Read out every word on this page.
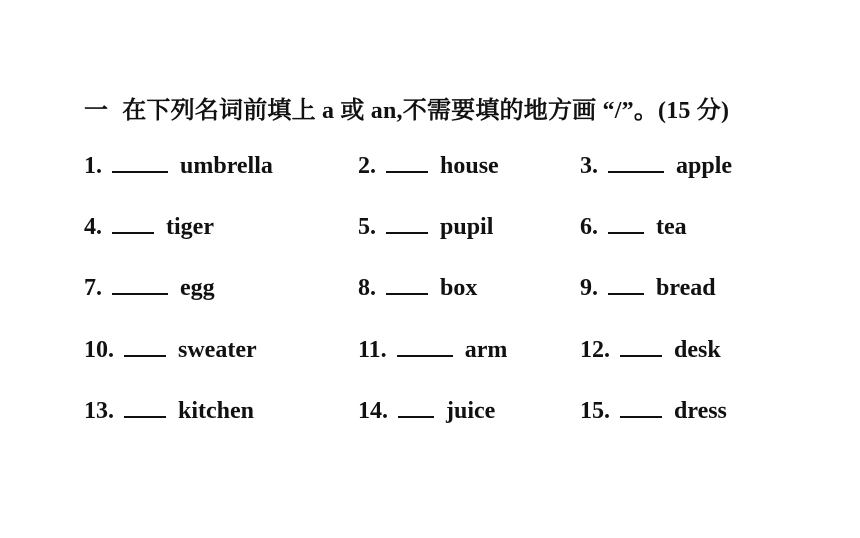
一 在下列名词前填上 a 或 an,不需要填的地方画 “/”。(15 分)
1.	umbrella	2.	house	3.	apple
4.	tiger	5.	pupil	6. tea
7.	egg	8.	box	9. bread
10.	sweater	11.	arm	12.	desk
13.	kitchen	14. juice	15.	dress
